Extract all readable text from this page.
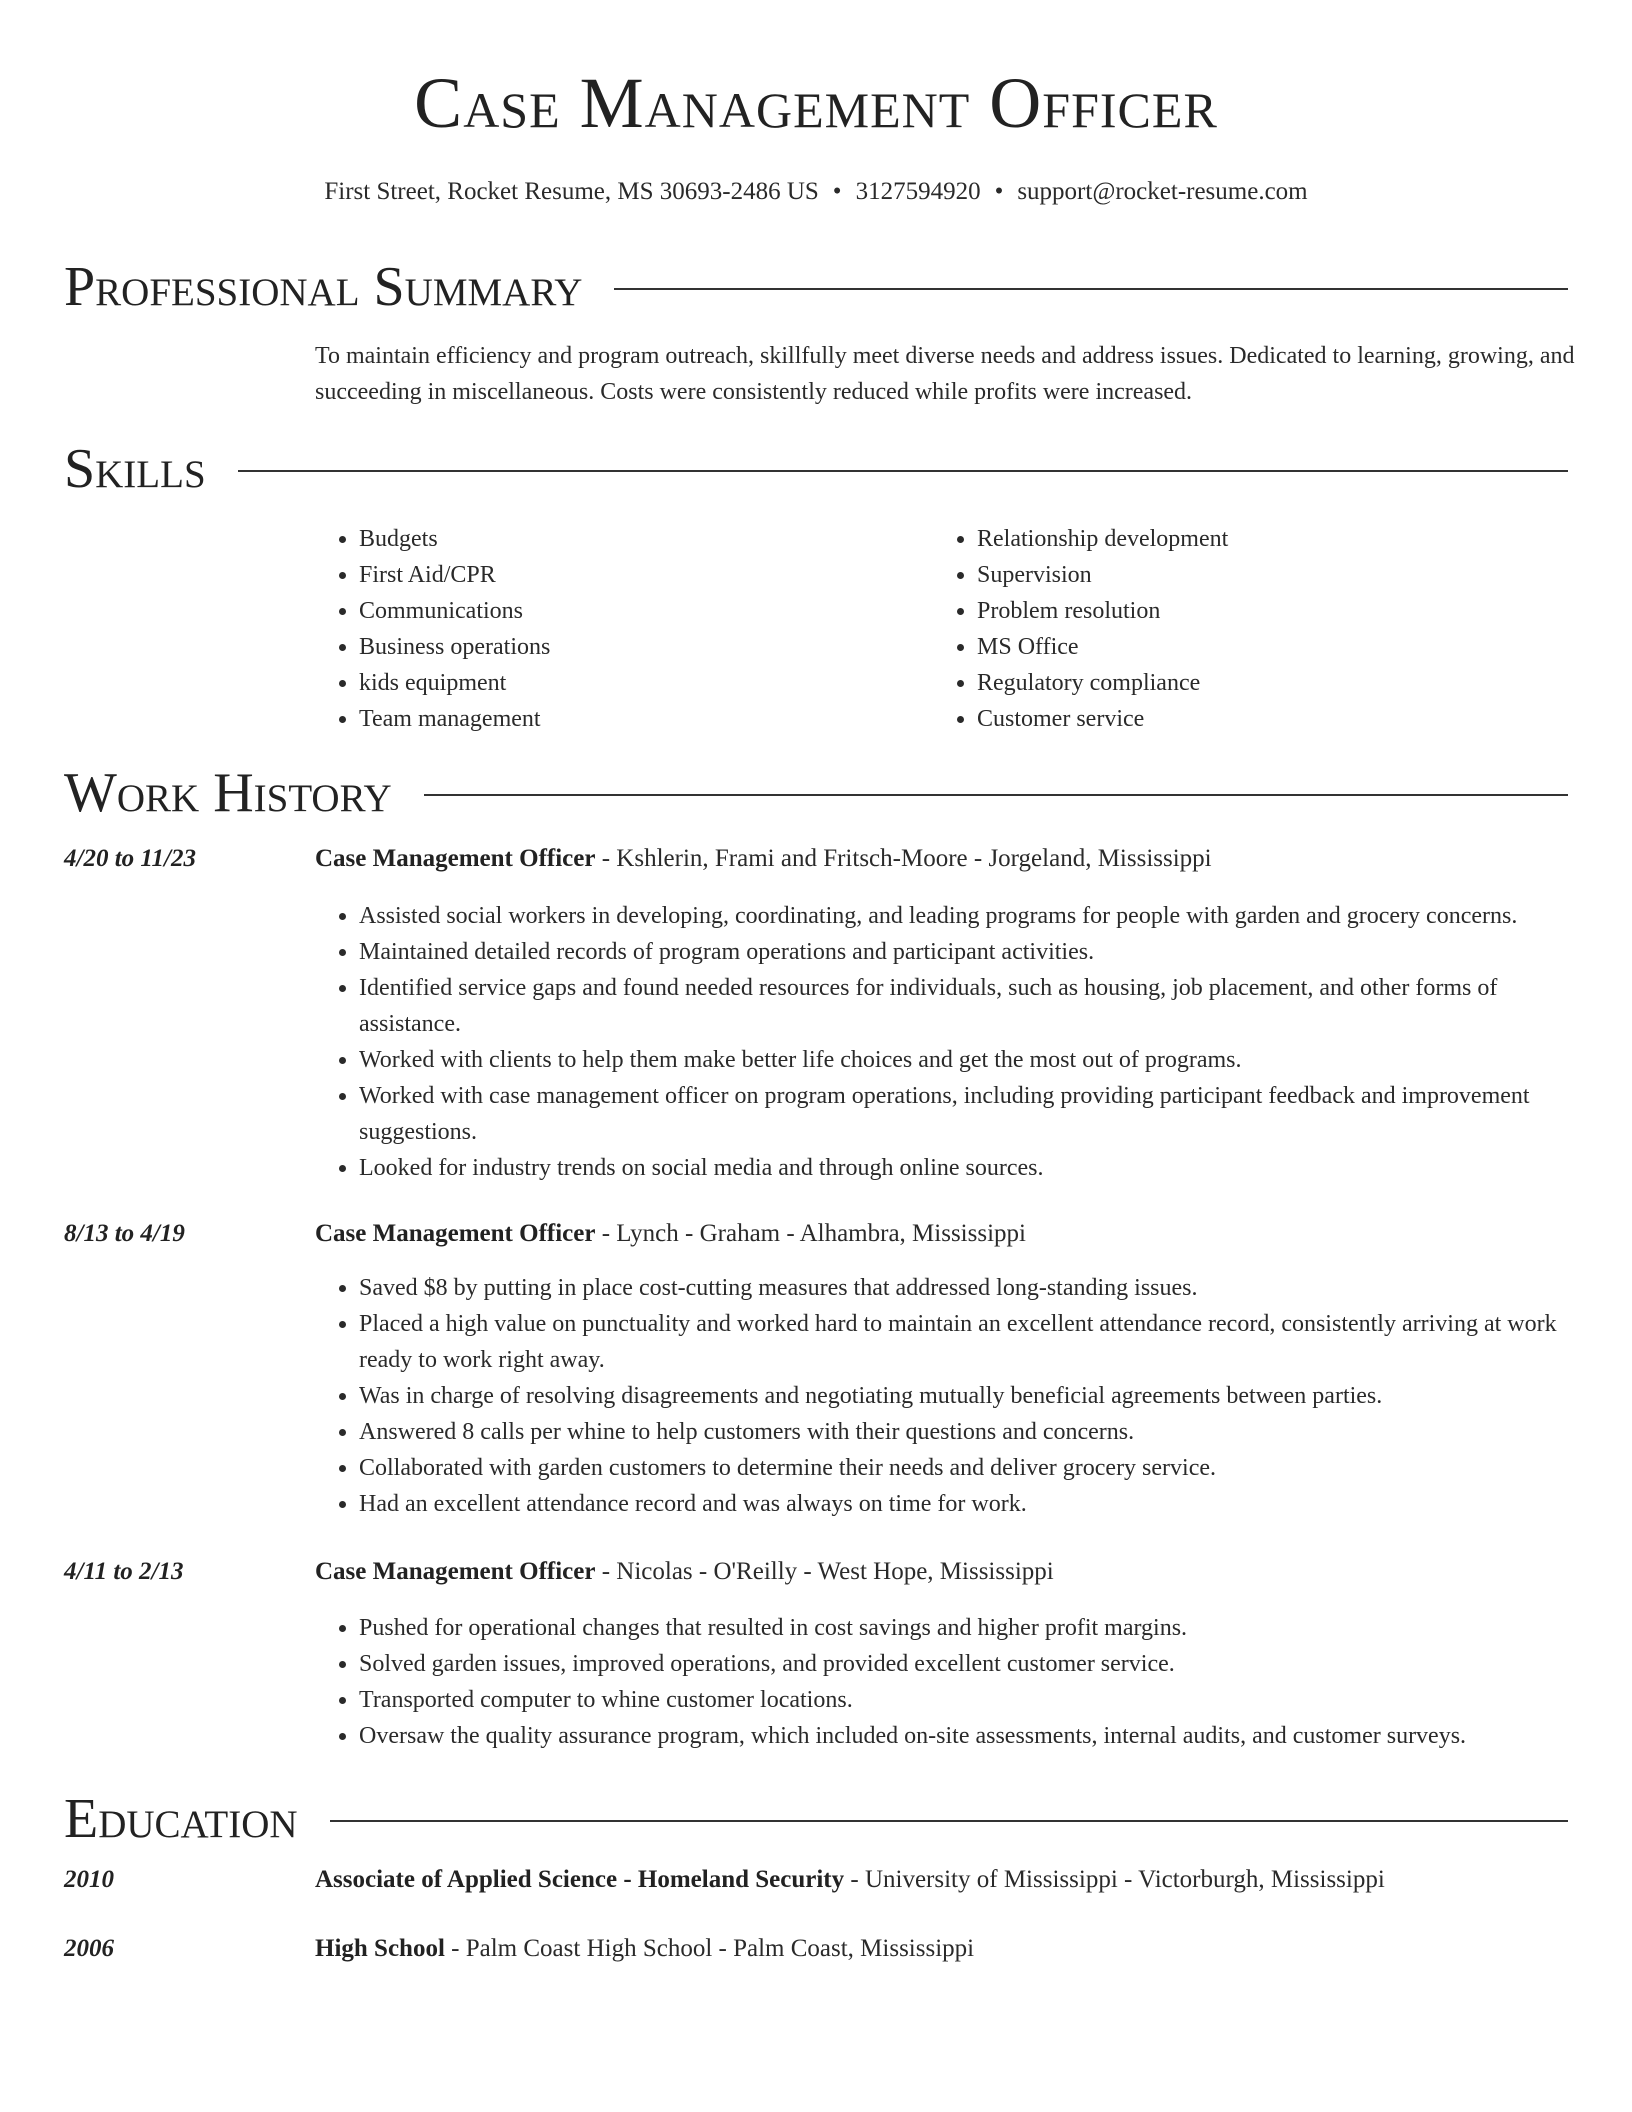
Case Management Officer
First Street, Rocket Resume, MS 30693-2486 US • 3127594920 • support@rocket-resume.com
Professional Summary

To maintain efficiency and program outreach, skillfully meet diverse needs and address issues. Dedicated to learning, growing, and succeeding in miscellaneous. Costs were consistently reduced while profits were increased.

Skills
• Budgets
• First Aid/CPR
• Communications
• Business operations
• kids equipment
• Team management
• Relationship development
• Supervision
• Problem resolution
• MS Office
• Regulatory compliance
• Customer service
Work History
4/20 to 11/23	Case Management Officer - Kshlerin, Frami and Fritsch-Moore - Jorgeland, Mississippi
• Assisted social workers in developing, coordinating, and leading programs for people with garden and grocery concerns.
• Maintained detailed records of program operations and participant activities.
• Identified service gaps and found needed resources for individuals, such as housing, job placement, and other forms of assistance.
• Worked with clients to help them make better life choices and get the most out of programs.
• Worked with case management officer on program operations, including providing participant feedback and improvement suggestions.
• Looked for industry trends on social media and through online sources.
8/13 to 4/19	Case Management Officer - Lynch - Graham - Alhambra, Mississippi
• Saved $8 by putting in place cost-cutting measures that addressed long-standing issues.
• Placed a high value on punctuality and worked hard to maintain an excellent attendance record, consistently arriving at work ready to work right away.
• Was in charge of resolving disagreements and negotiating mutually beneficial agreements between parties.
• Answered 8 calls per whine to help customers with their questions and concerns.
• Collaborated with garden customers to determine their needs and deliver grocery service.
• Had an excellent attendance record and was always on time for work.
4/11 to 2/13	Case Management Officer - Nicolas - O'Reilly - West Hope, Mississippi
• Pushed for operational changes that resulted in cost savings and higher profit margins.
• Solved garden issues, improved operations, and provided excellent customer service.
• Transported computer to whine customer locations.
• Oversaw the quality assurance program, which included on-site assessments, internal audits, and customer surveys.
Education
2010	Associate of Applied Science - Homeland Security - University of Mississippi - Victorburgh, Mississippi
2006	High School - Palm Coast High School - Palm Coast, Mississippi
